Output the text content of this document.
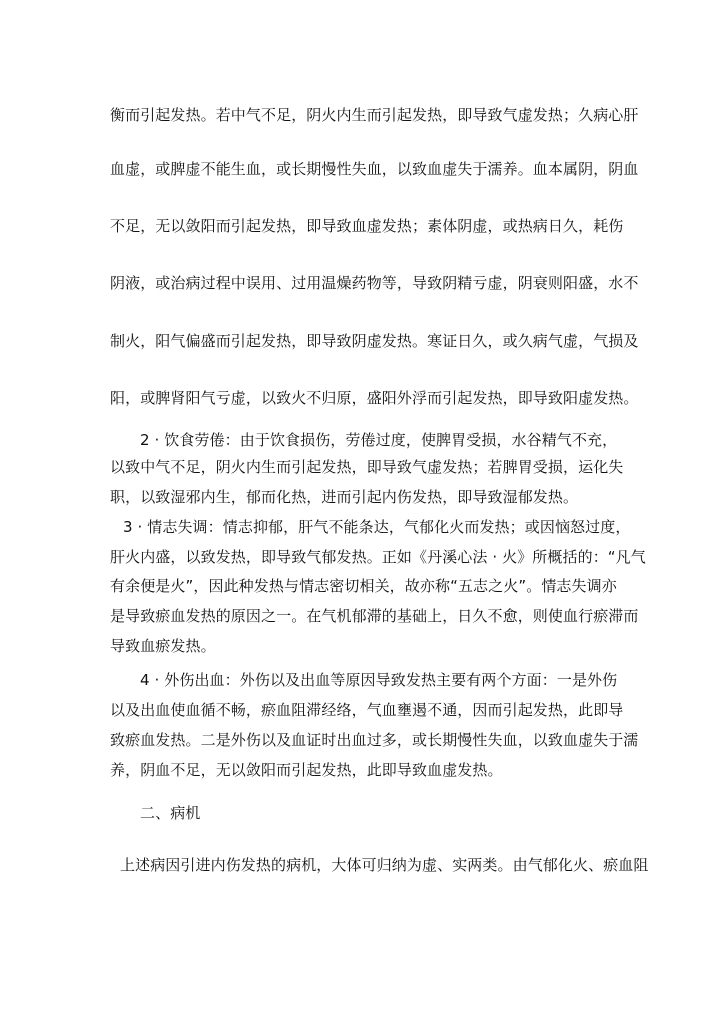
衡而引起发热。若中气不足，阴火内生而引起发热，即导致气虚发热；久病心肝
血虚，或脾虚不能生血，或长期慢性失血，以致血虚失于濡养。血本属阴，阴血
不足，无以敛阳而引起发热，即导致血虚发热；素体阴虚，或热病日久，耗伤
阴液，或治病过程中误用、过用温燥药物等，导致阴精亏虚，阴衰则阳盛，水不
制火，阳气偏盛而引起发热，即导致阴虚发热。寒证日久，或久病气虚，气损及
阳，或脾肾阳气亏虚，以致火不归原，盛阳外浮而引起发热，即导致阳虚发热。
2 · 饮食劳倦：由于饮食损伤，劳倦过度，使脾胃受损，水谷精气不充，
以致中气不足，阴火内生而引起发热，即导致气虚发热；若脾胃受损，运化失
职，以致湿邪内生，郁而化热，进而引起内伤发热，即导致湿郁发热。
3 · 情志失调：情志抑郁，肝气不能条达，气郁化火而发热；或因恼怒过度，
肝火内盛，以致发热，即导致气郁发热。正如《丹溪心法 · 火》所概括的：“凡气
有余便是火”，因此种发热与情志密切相关，故亦称“五志之火”。情志失调亦
是导致瘀血发热的原因之一。在气机郁滞的基础上，日久不愈，则使血行瘀滞而
导致血瘀发热。
4 · 外伤出血：外伤以及出血等原因导致发热主要有两个方面：一是外伤
以及出血使血循不畅，瘀血阻滞经络，气血壅遏不通，因而引起发热，此即导
致瘀血发热。二是外伤以及血证时出血过多，或长期慢性失血，以致血虚失于濡
养，阴血不足，无以敛阳而引起发热，此即导致血虚发热。
二、病机
上述病因引进内伤发热的病机，大体可归纳为虚、实两类。由气郁化火、瘀血阻
